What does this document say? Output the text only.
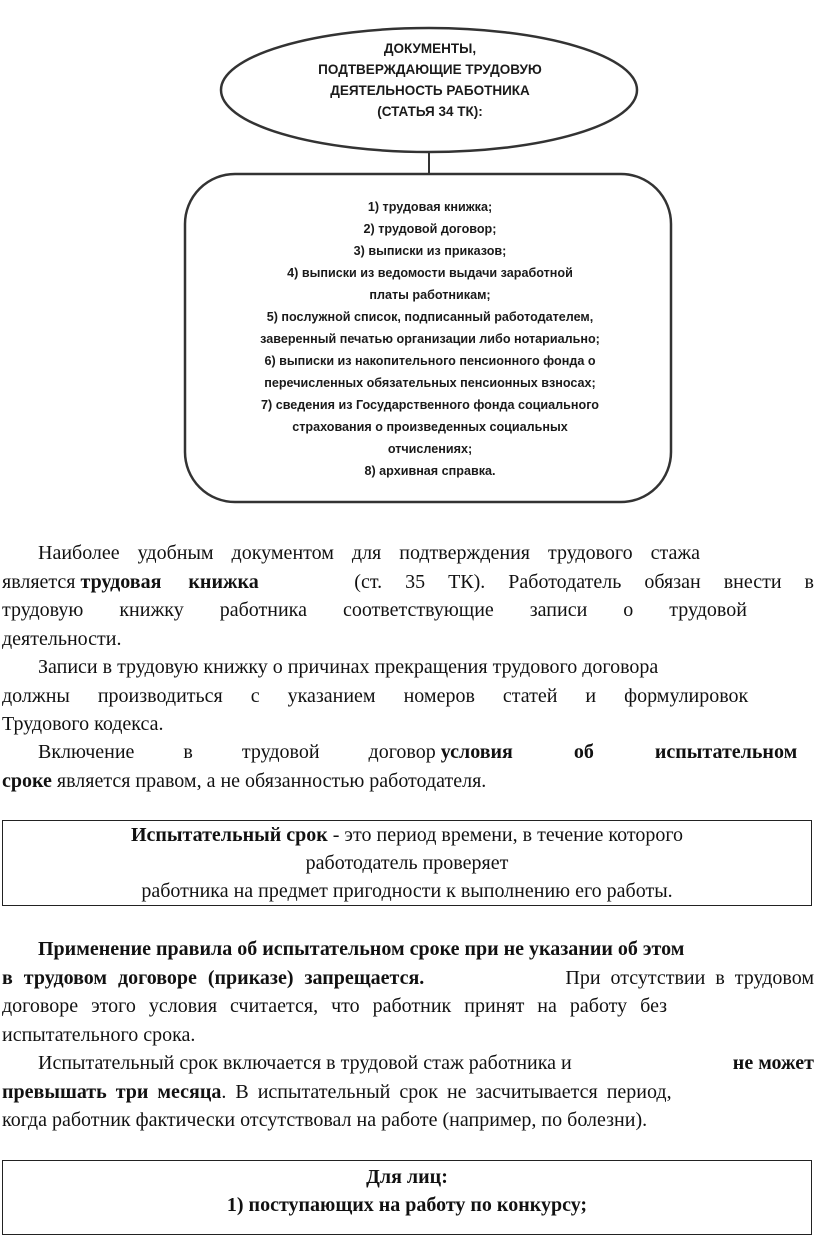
ДОКУМЕНТЫ,
ПОДТВЕРЖДАЮЩИЕ ТРУДОВУЮ
ДЕЯТЕЛЬНОСТЬ РАБОТНИКА
(СТАТЬЯ 34 ТК):
1) трудовая книжка;
2) трудовой договор;
3) выписки из приказов;
4) выписки из ведомости выдачи заработной
платы работникам;
5) послужной список, подписанный работодателем,
заверенный печатью организации либо нотариально;
6) выписки из накопительного пенсионного фонда о
перечисленных обязательных пенсионных взносах;
7) сведения из Государственного фонда социального
страхования о произведенных социальных
отчислениях;
8) архивная справка.
Наиболее удобным документом для подтверждения трудового стажа
является трудовая книжка	(ст. 35 ТК). Работодатель обязан внести в
трудовую книжку работника соответствующие записи о трудовой
деятельности.
Записи в трудовую книжку о причинах прекращения трудового договора
должны производиться с указанием номеров статей и формулировок
Трудового кодекса.
Включение в трудовой договор условия об испытательном
сроке является правом, а не обязанностью работодателя.
Испытательный срок - это период времени, в течение которого
работодатель проверяет
работника на предмет пригодности к выполнению его работы.
Применение правила об испытательном сроке при не указании об этом
в трудовом договоре (приказе) запрещается.	При отсутствии в трудовом
договоре этого условия считается, что работник принят на работу без
испытательного срока.
Испытательный срок включается в трудовой стаж работника и	не может
превышать три месяца. В испытательный срок не засчитывается период,
когда работник фактически отсутствовал на работе (например, по болезни).
Для лиц:
1) поступающих на работу по конкурсу;
